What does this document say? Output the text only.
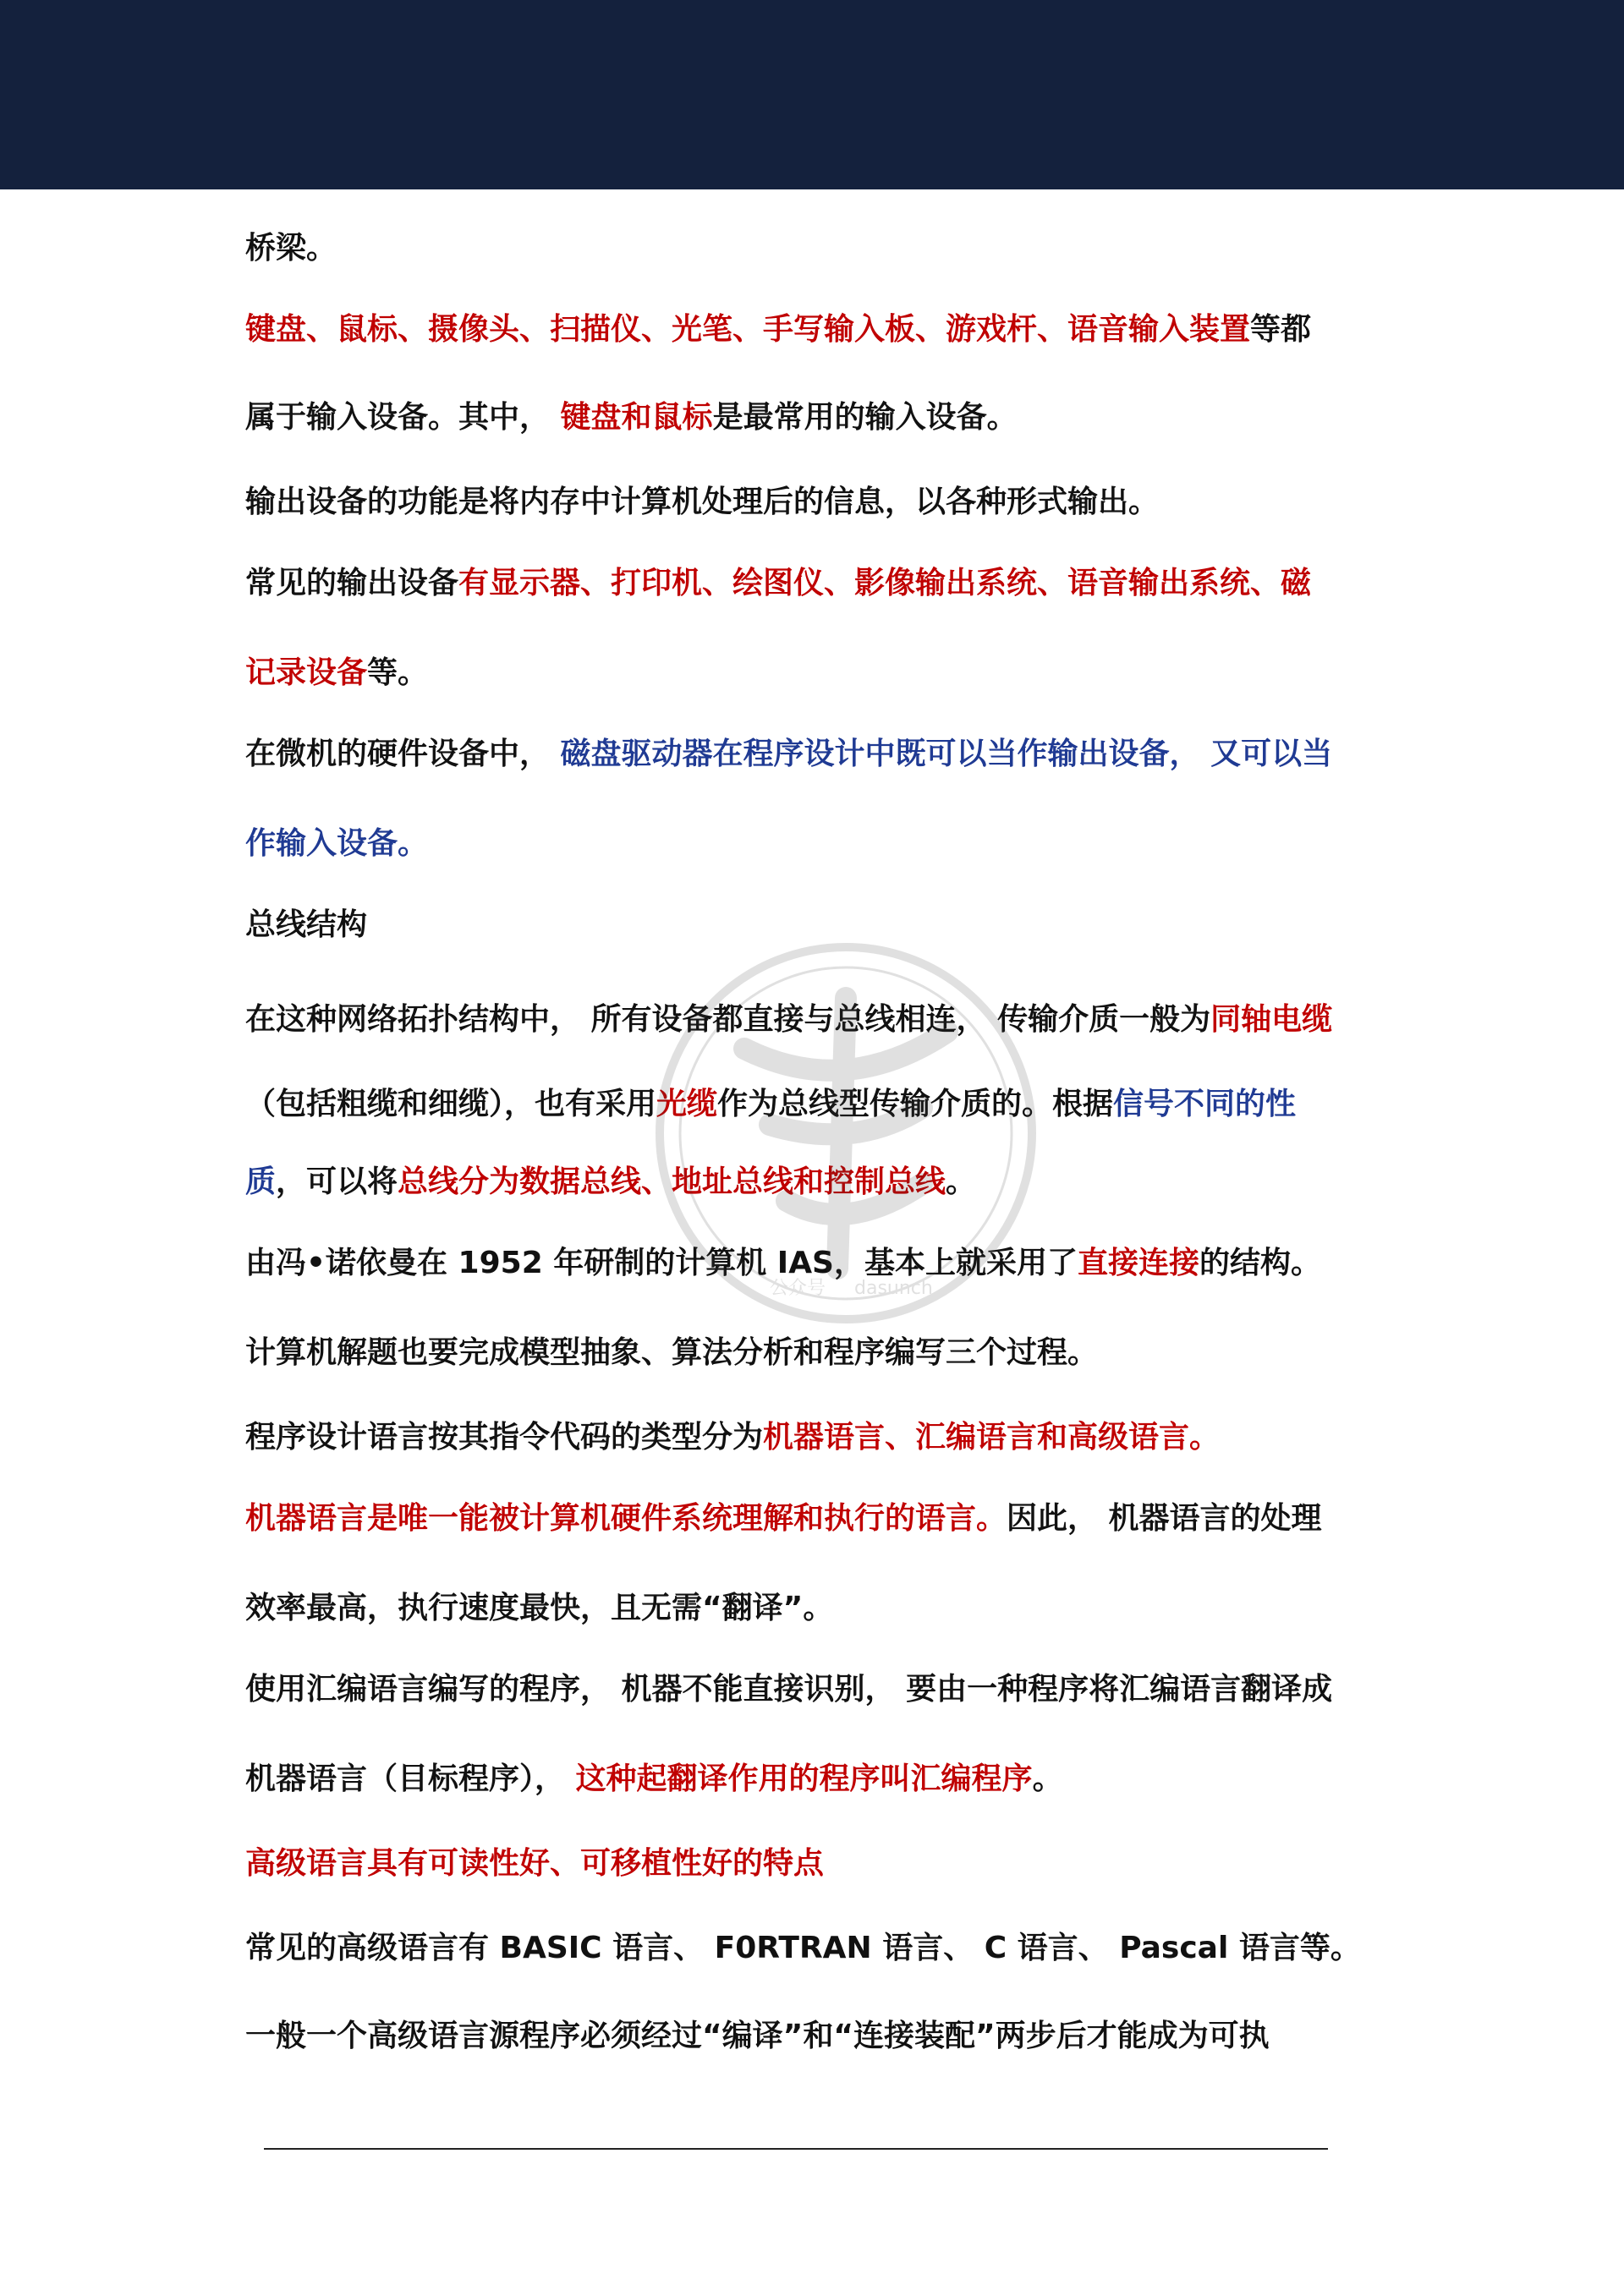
桥梁。
键盘、鼠标、摄像头、扫描仪、光笔、手写输入板、游戏杆、语音输入装置等都
属于输入设备。其中， 键盘和鼠标是最常用的输入设备。
输出设备的功能是将内存中计算机处理后的信息，以各种形式输出。
常见的输出设备有显示器、打印机、绘图仪、影像输出系统、语音输出系统、磁
记录设备等。
在微机的硬件设备中， 磁盘驱动器在程序设计中既可以当作输出设备， 又可以当
作输入设备。
总线结构
在这种网络拓扑结构中， 所有设备都直接与总线相连， 传输介质一般为同轴电缆
（包括粗缆和细缆），也有采用光缆作为总线型传输介质的。根据信号不同的性
质，可以将总线分为数据总线、地址总线和控制总线。
由冯•诺依曼在 1952 年研制的计算机 IAS，基本上就采用了直接连接的结构。
计算机解题也要完成模型抽象、算法分析和程序编写三个过程。
程序设计语言按其指令代码的类型分为机器语言、汇编语言和高级语言。
机器语言是唯一能被计算机硬件系统理解和执行的语言。因此， 机器语言的处理
效率最高，执行速度最快，且无需“翻译”。
使用汇编语言编写的程序， 机器不能直接识别， 要由一种程序将汇编语言翻译成
机器语言（目标程序）， 这种起翻译作用的程序叫汇编程序。
高级语言具有可读性好、可移植性好的特点
常见的高级语言有 BASIC 语言、 F0RTRAN 语言、 C 语言、 Pascal 语言等。
一般一个高级语言源程序必须经过“编译”和“连接装配”两步后才能成为可执
公众号 dasunch
